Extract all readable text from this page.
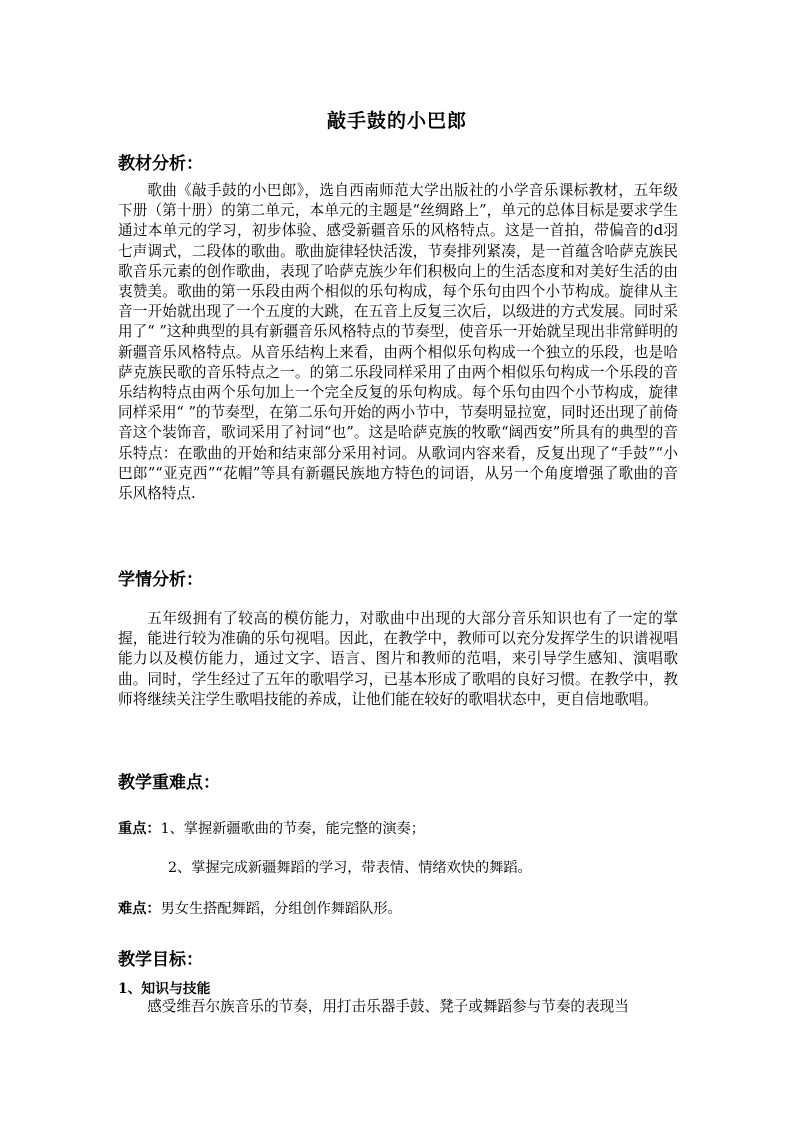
敲手鼓的小巴郎
教材分析：

歌曲《敲手鼓的小巴郎》，选自西南师范大学出版社的小学音乐课标教材，五年级下册（第十册）的第二单元，本单元的主题是“丝绸路上”，单元的总体目标是要求学生通过本单元的学习，初步体验、感受新疆音乐的风格特点。这是一首拍，带偏音的d羽七声调式，二段体的歌曲。歌曲旋律轻快活泼，节奏排列紧凑，是一首蕴含哈萨克族民歌音乐元素的创作歌曲，表现了哈萨克族少年们积极向上的生活态度和对美好生活的由衷赞美。歌曲的第一乐段由两个相似的乐句构成，每个乐句由四个小节构成。旋律从主音一开始就出现了一个五度的大跳，在五音上反复三次后，以级进的方式发展。同时采用了“ ”这种典型的具有新疆音乐风格特点的节奏型，使音乐一开始就呈现出非常鲜明的新疆音乐风格特点。从音乐结构上来看，由两个相似乐句构成一个独立的乐段，也是哈萨克族民歌的音乐特点之一。的第二乐段同样采用了由两个相似乐句构成一个乐段的音乐结构特点由两个乐句加上一个完全反复的乐句构成。每个乐句由四个小节构成，旋律同样采用“ ”的节奏型，在第二乐句开始的两小节中，节奏明显拉宽，同时还出现了前倚音这个装饰音，歌词采用了衬词“也”。这是哈萨克族的牧歌“阔西安”所具有的典型的音乐特点：在歌曲的开始和结束部分采用衬词。从歌词内容来看，反复出现了“手鼓”“小巴郎”“亚克西”“花帽”等具有新疆民族地方特色的词语，从另一个角度增强了歌曲的音乐风格特点.

学情分析：

五年级拥有了较高的模仿能力，对歌曲中出现的大部分音乐知识也有了一定的掌握，能进行较为准确的乐句视唱。因此，在教学中，教师可以充分发挥学生的识谱视唱能力以及模仿能力，通过文字、语言、图片和教师的范唱，来引导学生感知、演唱歌曲。同时，学生经过了五年的歌唱学习，已基本形成了歌唱的良好习惯。在教学中，教师将继续关注学生歌唱技能的养成，让他们能在较好的歌唱状态中，更自信地歌唱。

教学重难点：
重点：1、掌握新疆歌曲的节奏，能完整的演奏；
2、掌握完成新疆舞蹈的学习，带表情、情绪欢快的舞蹈。
难点：男女生搭配舞蹈，分组创作舞蹈队形。
教学目标：
1、知识与技能

感受维吾尔族音乐的节奏，用打击乐器手鼓、凳子或舞蹈参与节奏的表现当
